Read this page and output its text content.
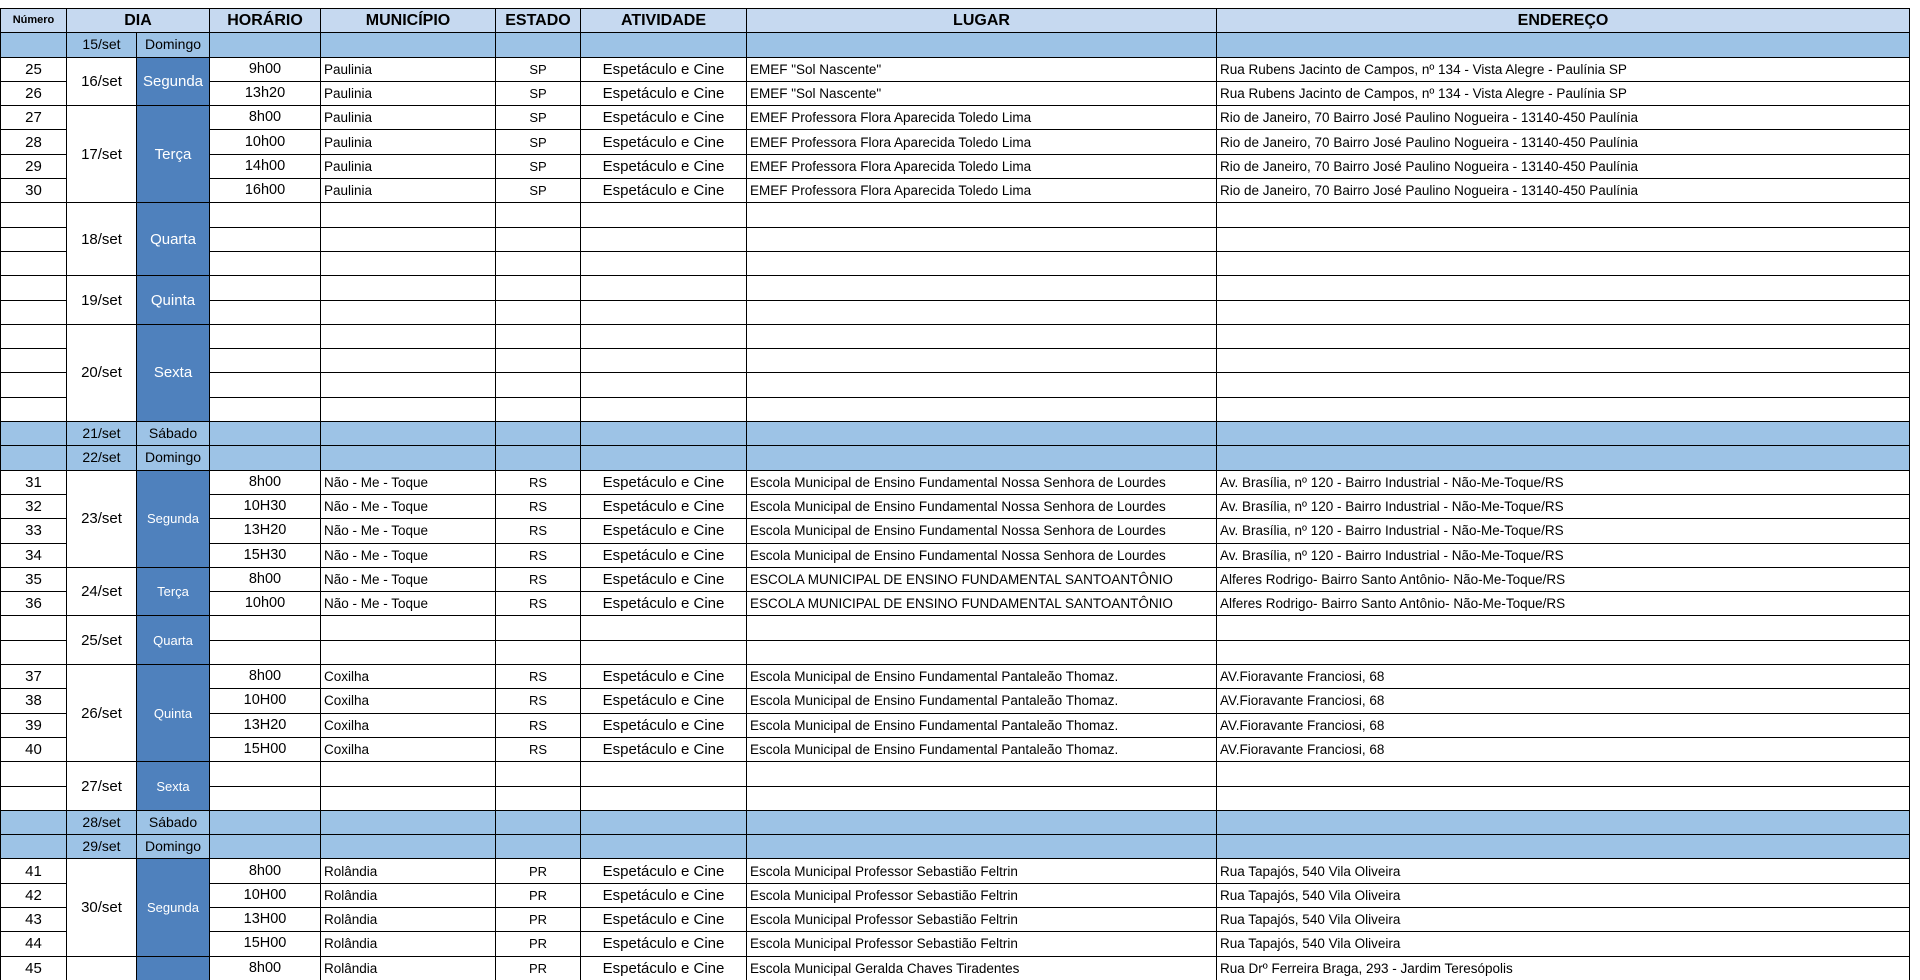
Número	DIA		HORÁRIO	MUNICÍPIO	ESTADO	ATIVIDADE	LUGAR	ENDEREÇO
	15/set	Domingo						
25	16/set	Segunda	9h00	Paulinia	SP	Espetáculo e Cine	EMEF "Sol Nascente"	Rua Rubens Jacinto de Campos, nº 134 - Vista Alegre - Paulínia SP
26			13h20	Paulinia	SP	Espetáculo e Cine	EMEF "Sol Nascente"	Rua Rubens Jacinto de Campos, nº 134 - Vista Alegre - Paulínia SP
27	17/set	Terça	8h00	Paulinia	SP	Espetáculo e Cine	EMEF Professora Flora Aparecida Toledo Lima	Rio de Janeiro, 70 Bairro José Paulino Nogueira - 13140-450 Paulínia
28			10h00	Paulinia	SP	Espetáculo e Cine	EMEF Professora Flora Aparecida Toledo Lima	Rio de Janeiro, 70 Bairro José Paulino Nogueira - 13140-450 Paulínia
29			14h00	Paulinia	SP	Espetáculo e Cine	EMEF Professora Flora Aparecida Toledo Lima	Rio de Janeiro, 70 Bairro José Paulino Nogueira - 13140-450 Paulínia
30			16h00	Paulinia	SP	Espetáculo e Cine	EMEF Professora Flora Aparecida Toledo Lima	Rio de Janeiro, 70 Bairro José Paulino Nogueira - 13140-450 Paulínia
	18/set	Quarta						

	19/set	Quinta						

	20/set	Sexta						

	21/set	Sábado						
	22/set	Domingo						
31	23/set	Segunda	8h00	Não - Me - Toque	RS	Espetáculo e Cine	Escola Municipal de Ensino Fundamental Nossa Senhora de Lourdes	Av. Brasília, nº 120 - Bairro Industrial - Não-Me-Toque/RS
32			10H30	Não - Me - Toque	RS	Espetáculo e Cine	Escola Municipal de Ensino Fundamental Nossa Senhora de Lourdes	Av. Brasília, nº 120 - Bairro Industrial - Não-Me-Toque/RS
33			13H20	Não - Me - Toque	RS	Espetáculo e Cine	Escola Municipal de Ensino Fundamental Nossa Senhora de Lourdes	Av. Brasília, nº 120 - Bairro Industrial - Não-Me-Toque/RS
34			15H30	Não - Me - Toque	RS	Espetáculo e Cine	Escola Municipal de Ensino Fundamental Nossa Senhora de Lourdes	Av. Brasília, nº 120 - Bairro Industrial - Não-Me-Toque/RS
35	24/set	Terça	8h00	Não - Me - Toque	RS	Espetáculo e Cine	ESCOLA MUNICIPAL DE ENSINO FUNDAMENTAL SANTOANTÔNIO	Alferes Rodrigo- Bairro Santo Antônio- Não-Me-Toque/RS
36			10h00	Não - Me - Toque	RS	Espetáculo e Cine	ESCOLA MUNICIPAL DE ENSINO FUNDAMENTAL SANTOANTÔNIO	Alferes Rodrigo- Bairro Santo Antônio- Não-Me-Toque/RS
	25/set	Quarta						

37	26/set	Quinta	8h00	Coxilha	RS	Espetáculo e Cine	Escola Municipal de Ensino Fundamental Pantaleão Thomaz.	AV.Fioravante Franciosi, 68
38			10H00	Coxilha	RS	Espetáculo e Cine	Escola Municipal de Ensino Fundamental Pantaleão Thomaz.	AV.Fioravante Franciosi, 68
39			13H20	Coxilha	RS	Espetáculo e Cine	Escola Municipal de Ensino Fundamental Pantaleão Thomaz.	AV.Fioravante Franciosi, 68
40			15H00	Coxilha	RS	Espetáculo e Cine	Escola Municipal de Ensino Fundamental Pantaleão Thomaz.	AV.Fioravante Franciosi, 68
	27/set	Sexta						

	28/set	Sábado						
	29/set	Domingo						
41	30/set	Segunda	8h00	Rolândia	PR	Espetáculo e Cine	Escola Municipal Professor Sebastião Feltrin	Rua Tapajós, 540 Vila Oliveira
42			10H00	Rolândia	PR	Espetáculo e Cine	Escola Municipal Professor Sebastião Feltrin	Rua Tapajós, 540 Vila Oliveira
43			13H00	Rolândia	PR	Espetáculo e Cine	Escola Municipal Professor Sebastião Feltrin	Rua Tapajós, 540 Vila Oliveira
44			15H00	Rolândia	PR	Espetáculo e Cine	Escola Municipal Professor Sebastião Feltrin	Rua Tapajós, 540 Vila Oliveira
45			8h00	Rolândia	PR	Espetáculo e Cine	Escola Municipal Geralda Chaves Tiradentes	Rua Drº Ferreira Braga, 293 - Jardim Teresópolis
